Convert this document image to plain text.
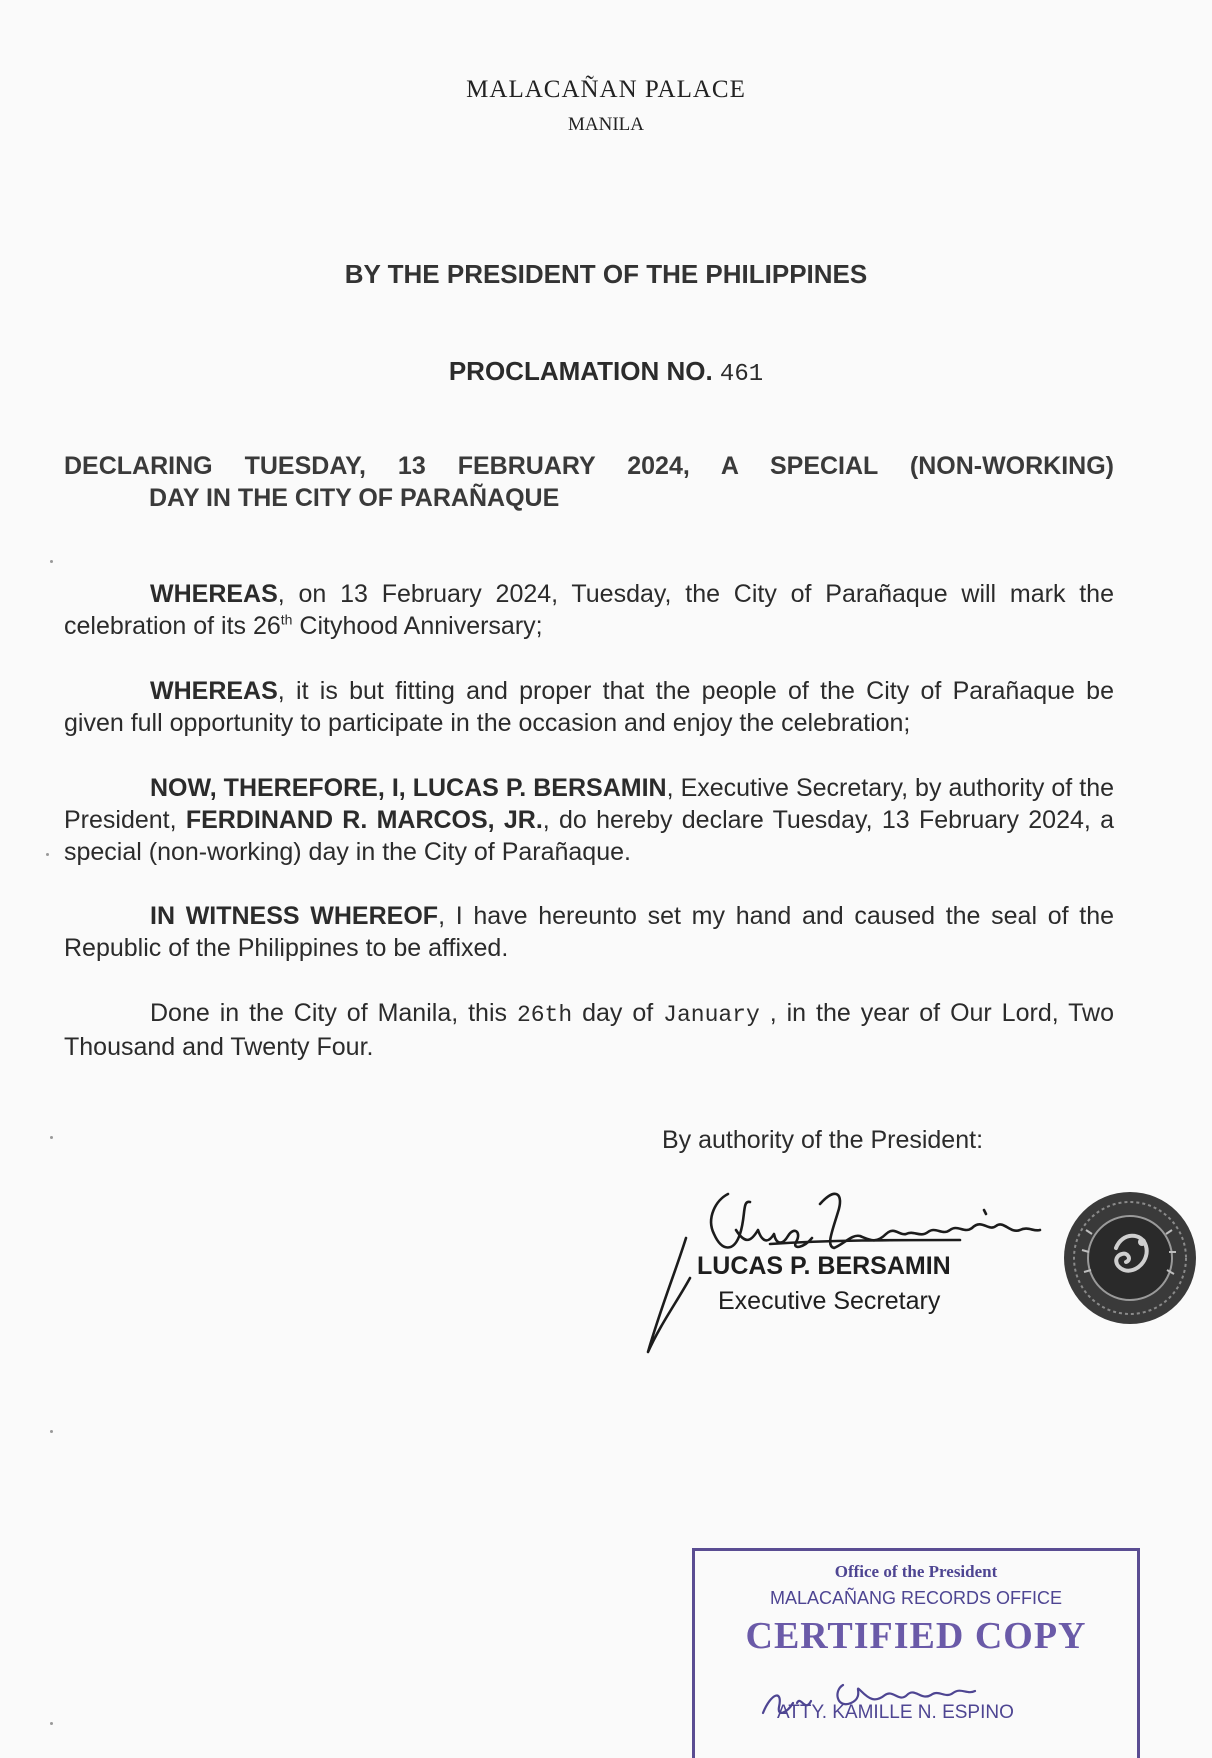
MALACAÑAN PALACE
MANILA
BY THE PRESIDENT OF THE PHILIPPINES
PROCLAMATION NO. 461
DECLARING TUESDAY, 13 FEBRUARY 2024, A SPECIAL (NON-WORKING)
DAY IN THE CITY OF PARAÑAQUE
WHEREAS, on 13 February 2024, Tuesday, the City of Parañaque will mark the celebration of its 26th Cityhood Anniversary;
WHEREAS, it is but fitting and proper that the people of the City of Parañaque be given full opportunity to participate in the occasion and enjoy the celebration;
NOW, THEREFORE, I, LUCAS P. BERSAMIN, Executive Secretary, by authority of the President, FERDINAND R. MARCOS, JR., do hereby declare Tuesday, 13 February 2024, a special (non-working) day in the City of Parañaque.
IN WITNESS WHEREOF, I have hereunto set my hand and caused the seal of the Republic of the Philippines to be affixed.
Done in the City of Manila, this 26th day of January , in the year of Our Lord, Two Thousand and Twenty Four.
By authority of the President:
LUCAS P. BERSAMIN
Executive Secretary
Office of the President
MALACAÑANG RECORDS OFFICE
CERTIFIED COPY
ATTY. KAMILLE N. ESPINO
